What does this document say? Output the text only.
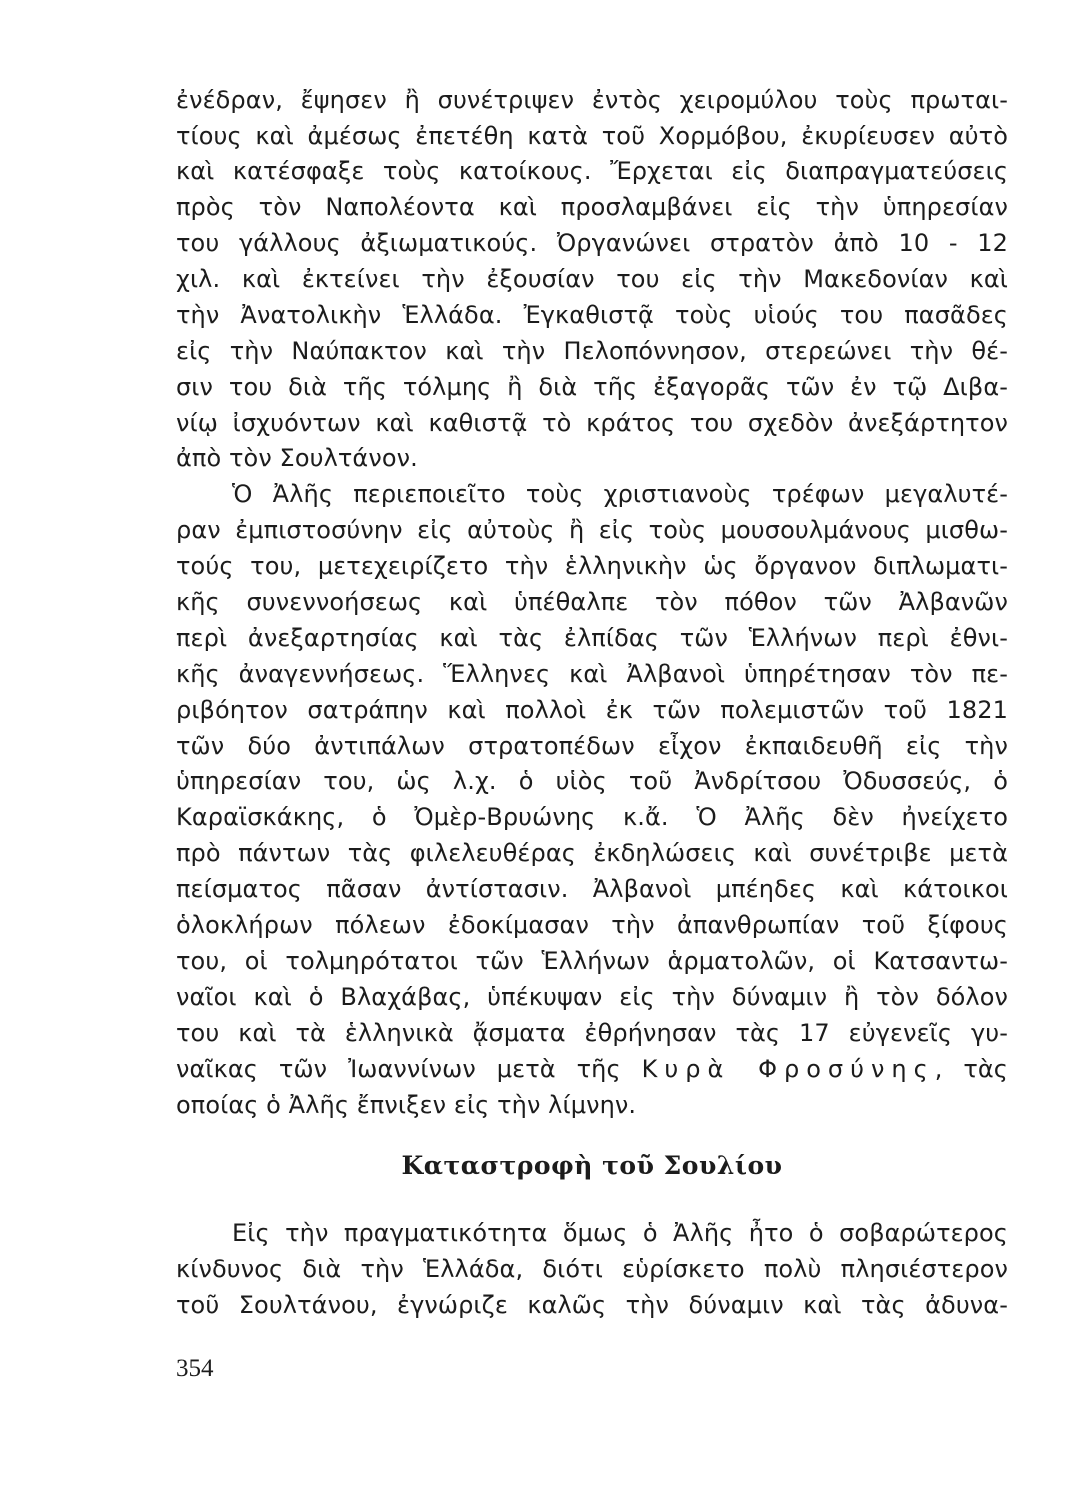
ἐνέδραν, ἔψησεν ἢ συνέτριψεν ἐντὸς χειρομύλου τοὺς πρωται-
τίους καὶ ἀμέσως ἐπετέθη κατὰ τοῦ Χορμόβου, ἐκυρίευσεν αὐτὸ
καὶ κατέσφαξε τοὺς κατοίκους. Ἔρχεται εἰς διαπραγματεύσεις
πρὸς τὸν Ναπολέοντα καὶ προσλαμβάνει εἰς τὴν ὑπηρεσίαν
του γάλλους ἀξιωματικούς. Ὀργανώνει στρατὸν ἀπὸ 10 - 12
χιλ. καὶ ἐκτείνει τὴν ἐξουσίαν του εἰς τὴν Μακεδονίαν καὶ
τὴν Ἀνατολικὴν Ἑλλάδα. Ἐγκαθιστᾷ τοὺς υἱούς του πασᾶδες
εἰς τὴν Ναύπακτον καὶ τὴν Πελοπόννησον, στερεώνει τὴν θέ-
σιν του διὰ τῆς τόλμης ἢ διὰ τῆς ἐξαγορᾶς τῶν ἐν τῷ Διβα-
νίῳ ἰσχυόντων καὶ καθιστᾷ τὸ κράτος του σχεδὸν ἀνεξάρτητον
ἀπὸ τὸν Σουλτάνον.
Ὁ Ἀλῆς περιεποιεῖτο τοὺς χριστιανοὺς τρέφων μεγαλυτέ-
ραν ἐμπιστοσύνην εἰς αὐτοὺς ἢ εἰς τοὺς μουσουλμάνους μισθω-
τούς του, μετεχειρίζετο τὴν ἑλληνικὴν ὡς ὄργανον διπλωματι-
κῆς συνεννοήσεως καὶ ὑπέθαλπε τὸν πόθον τῶν Ἀλβανῶν
περὶ ἀνεξαρτησίας καὶ τὰς ἐλπίδας τῶν Ἑλλήνων περὶ ἐθνι-
κῆς ἀναγεννήσεως. Ἕλληνες καὶ Ἀλβανοὶ ὑπηρέτησαν τὸν πε-
ριβόητον σατράπην καὶ πολλοὶ ἐκ τῶν πολεμιστῶν τοῦ 1821
τῶν δύο ἀντιπάλων στρατοπέδων εἶχον ἐκπαιδευθῆ εἰς τὴν
ὑπηρεσίαν του, ὡς λ.χ. ὁ υἱὸς τοῦ Ἀνδρίτσου Ὀδυσσεύς, ὁ
Καραϊσκάκης, ὁ Ὀμὲρ-Βρυώνης κ.ἄ. Ὁ Ἀλῆς δὲν ἠνείχετο
πρὸ πάντων τὰς φιλελευθέρας ἐκδηλώσεις καὶ συνέτριβε μετὰ
πείσματος πᾶσαν ἀντίστασιν. Ἀλβανοὶ μπέηδες καὶ κάτοικοι
ὁλοκλήρων πόλεων ἐδοκίμασαν τὴν ἀπανθρωπίαν τοῦ ξίφους
του, οἱ τολμηρότατοι τῶν Ἑλλήνων ἁρματολῶν, οἱ Κατσαντω-
ναῖοι καὶ ὁ Βλαχάβας, ὑπέκυψαν εἰς τὴν δύναμιν ἢ τὸν δόλον
του καὶ τὰ ἑλληνικὰ ᾄσματα ἐθρήνησαν τὰς 17 εὐγενεῖς γυ-
ναῖκας τῶν Ἰωαννίνων μετὰ τῆς Κυρὰ Φροσύνης, τὰς
οποίας ὁ Ἀλῆς ἔπνιξεν εἰς τὴν λίμνην.
Καταστροφὴ τοῦ Σουλίου
Εἰς τὴν πραγματικότητα ὅμως ὁ Ἀλῆς ἦτο ὁ σοβαρώτερος
κίνδυνος διὰ τὴν Ἑλλάδα, διότι εὑρίσκετο πολὺ πλησιέστερον
τοῦ Σουλτάνου, ἐγνώριζε καλῶς τὴν δύναμιν καὶ τὰς ἀδυνα-
354
